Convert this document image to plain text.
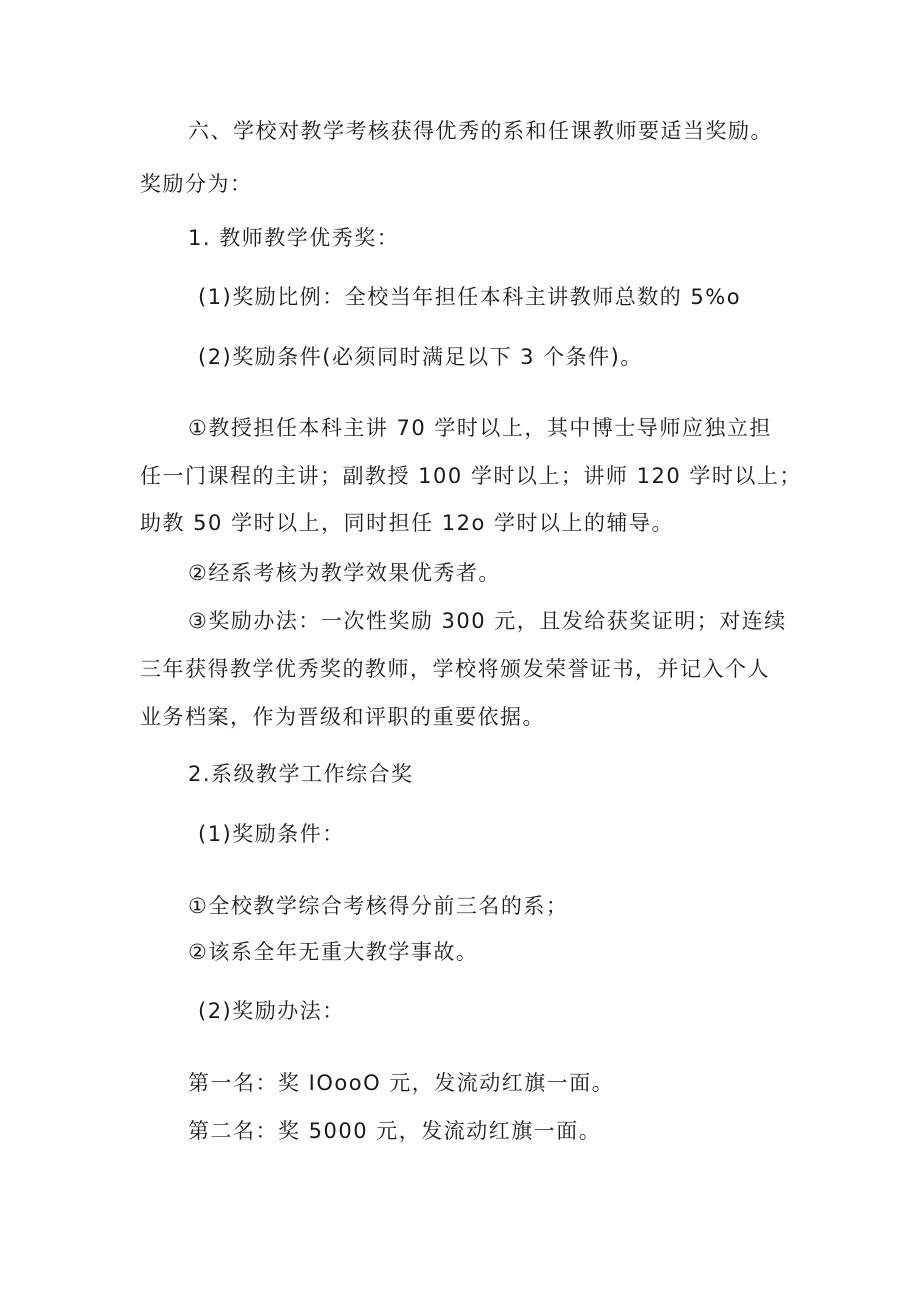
六、学校对教学考核获得优秀的系和任课教师要适当奖励。

奖励分为：

1. 教师教学优秀奖：

(1)奖励比例：全校当年担任本科主讲教师总数的 5%o

(2)奖励条件(必须同时满足以下 3 个条件)。

①教授担任本科主讲 70 学时以上，其中博士导师应独立担

任一门课程的主讲；副教授 100 学时以上；讲师 120 学时以上；

助教 50 学时以上，同时担任 12o 学时以上的辅导。

②经系考核为教学效果优秀者。

③奖励办法：一次性奖励 300 元，且发给获奖证明；对连续

三年获得教学优秀奖的教师，学校将颁发荣誉证书，并记入个人

业务档案，作为晋级和评职的重要依据。

2.系级教学工作综合奖

(1)奖励条件：

①全校教学综合考核得分前三名的系；

②该系全年无重大教学事故。

(2)奖励办法：

第一名：奖 IOooO 元，发流动红旗一面。

第二名：奖 5000 元，发流动红旗一面。
